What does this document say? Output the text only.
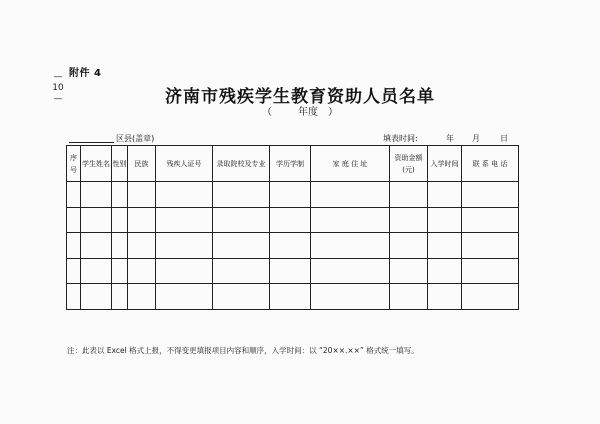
— 10 —
附件 4
济南市残疾学生教育资助人员名单
（	年度 ）
区县(盖章)	填表时间:	年 月	日
序号	学生姓名	性别	民族	残疾人证号	录取院校及专业	学历学制	家 庭 住 址	资助金额(元)	入学时间	联 系 电 话

注：此表以 Excel 格式上报，不得变更填报项目内容和顺序，入学时间：以 “20××.××” 格式统一填写。
